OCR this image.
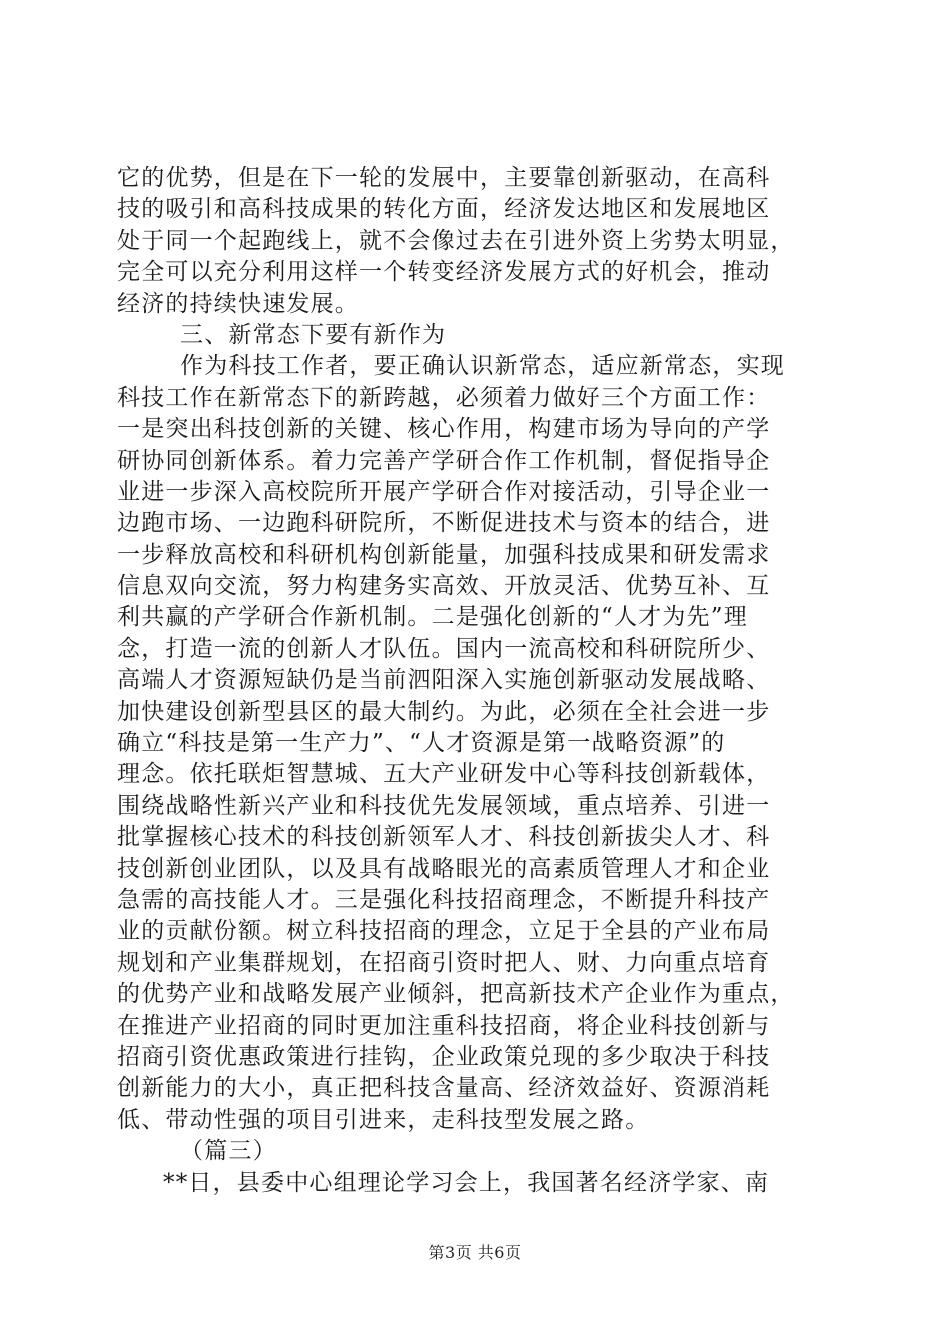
它的优势，但是在下一轮的发展中，主要靠创新驱动，在高科
技的吸引和高科技成果的转化方面，经济发达地区和发展地区
处于同一个起跑线上，就不会像过去在引进外资上劣势太明显，
完全可以充分利用这样一个转变经济发展方式的好机会，推动
经济的持续快速发展。
三、新常态下要有新作为
作为科技工作者，要正确认识新常态，适应新常态，实现
科技工作在新常态下的新跨越，必须着力做好三个方面工作：
一是突出科技创新的关键、核心作用，构建市场为导向的产学
研协同创新体系。着力完善产学研合作工作机制，督促指导企
业进一步深入高校院所开展产学研合作对接活动，引导企业一
边跑市场、一边跑科研院所，不断促进技术与资本的结合，进
一步释放高校和科研机构创新能量，加强科技成果和研发需求
信息双向交流，努力构建务实高效、开放灵活、优势互补、互
利共赢的产学研合作新机制。二是强化创新的“人才为先”理
念，打造一流的创新人才队伍。国内一流高校和科研院所少、
高端人才资源短缺仍是当前泗阳深入实施创新驱动发展战略、
加快建设创新型县区的最大制约。为此，必须在全社会进一步
确立“科技是第一生产力”、“人才资源是第一战略资源”的
理念。依托联炬智慧城、五大产业研发中心等科技创新载体，
围绕战略性新兴产业和科技优先发展领域，重点培养、引进一
批掌握核心技术的科技创新领军人才、科技创新拔尖人才、科
技创新创业团队，以及具有战略眼光的高素质管理人才和企业
急需的高技能人才。三是强化科技招商理念，不断提升科技产
业的贡献份额。树立科技招商的理念，立足于全县的产业布局
规划和产业集群规划，在招商引资时把人、财、力向重点培育
的优势产业和战略发展产业倾斜，把高新技术产企业作为重点，
在推进产业招商的同时更加注重科技招商，将企业科技创新与
招商引资优惠政策进行挂钩，企业政策兑现的多少取决于科技
创新能力的大小，真正把科技含量高、经济效益好、资源消耗
低、带动性强的项目引进来，走科技型发展之路。
（篇三）
**日，县委中心组理论学习会上，我国著名经济学家、南
第3页 共6页
